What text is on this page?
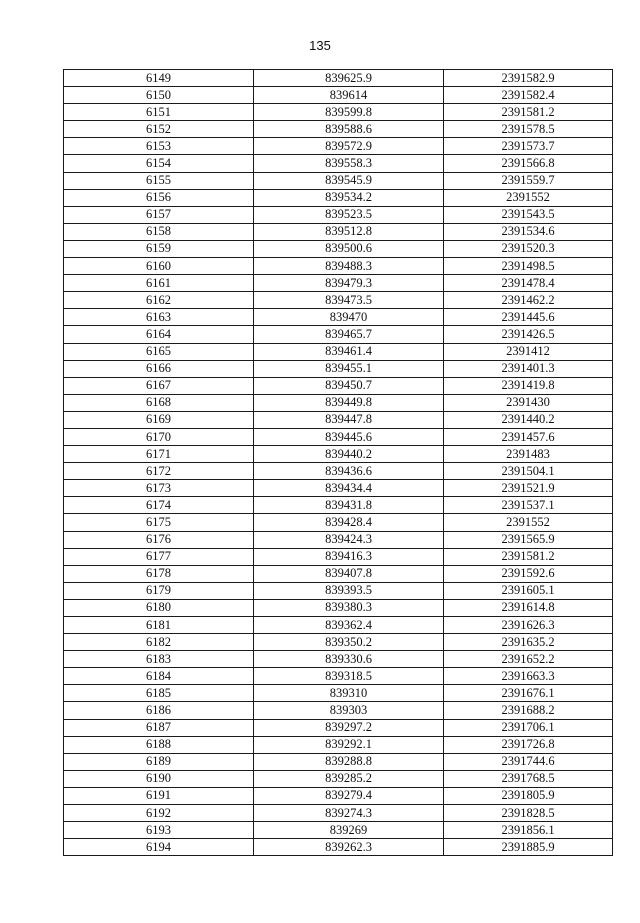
135
6149	839625.9	2391582.9
6150	839614	2391582.4
6151	839599.8	2391581.2
6152	839588.6	2391578.5
6153	839572.9	2391573.7
6154	839558.3	2391566.8
6155	839545.9	2391559.7
6156	839534.2	2391552
6157	839523.5	2391543.5
6158	839512.8	2391534.6
6159	839500.6	2391520.3
6160	839488.3	2391498.5
6161	839479.3	2391478.4
6162	839473.5	2391462.2
6163	839470	2391445.6
6164	839465.7	2391426.5
6165	839461.4	2391412
6166	839455.1	2391401.3
6167	839450.7	2391419.8
6168	839449.8	2391430
6169	839447.8	2391440.2
6170	839445.6	2391457.6
6171	839440.2	2391483
6172	839436.6	2391504.1
6173	839434.4	2391521.9
6174	839431.8	2391537.1
6175	839428.4	2391552
6176	839424.3	2391565.9
6177	839416.3	2391581.2
6178	839407.8	2391592.6
6179	839393.5	2391605.1
6180	839380.3	2391614.8
6181	839362.4	2391626.3
6182	839350.2	2391635.2
6183	839330.6	2391652.2
6184	839318.5	2391663.3
6185	839310	2391676.1
6186	839303	2391688.2
6187	839297.2	2391706.1
6188	839292.1	2391726.8
6189	839288.8	2391744.6
6190	839285.2	2391768.5
6191	839279.4	2391805.9
6192	839274.3	2391828.5
6193	839269	2391856.1
6194	839262.3	2391885.9
